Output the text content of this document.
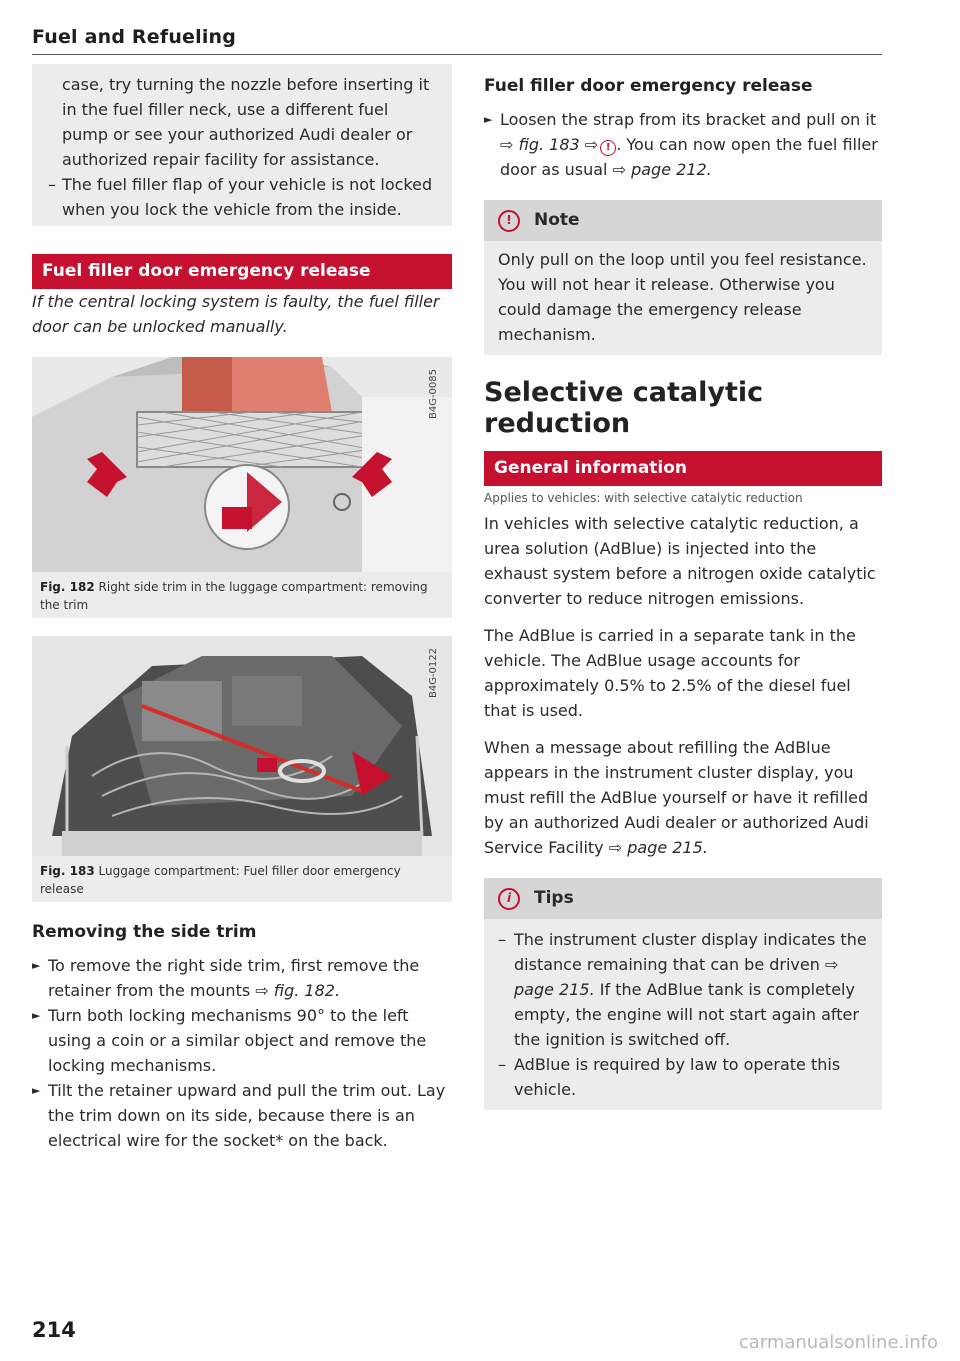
Fuel and Refueling

case, try turning the nozzle before inserting it in the fuel filler neck, use a different fuel pump or see your authorized Audi dealer or authorized repair facility for assistance.

– The fuel filler flap of your vehicle is not locked when you lock the vehicle from the inside.
Fuel filler door emergency release

If the central locking system is faulty, the fuel filler door can be unlocked manually.

B4G-0085
Fig. 182 Right side trim in the luggage compartment: removing the trim
B4G-0122
Fig. 183 Luggage compartment: Fuel filler door emergency release
Removing the side trim
► To remove the right side trim, first remove the retainer from the mounts ⇨ fig. 182.
► Turn both locking mechanisms 90° to the left using a coin or a similar object and remove the locking mechanisms.
► Tilt the retainer upward and pull the trim out. Lay the trim down on its side, because there is an electrical wire for the socket* on the back.
Fuel filler door emergency release
► Loosen the strap from its bracket and pull on it ⇨ fig. 183 ⇨ ! . You can now open the fuel filler door as usual ⇨ page 212.
!	Note
Only pull on the loop until you feel resistance. You will not hear it release. Otherwise you could damage the emergency release mechanism.
Selective catalytic reduction
General information

Applies to vehicles: with selective catalytic reduction

In vehicles with selective catalytic reduction, a urea solution (AdBlue) is injected into the exhaust system before a nitrogen oxide catalytic converter to reduce nitrogen emissions.

The AdBlue is carried in a separate tank in the vehicle. The AdBlue usage accounts for approximately 0.5% to 2.5% of the diesel fuel that is used.

When a message about refilling the AdBlue appears in the instrument cluster display, you must refill the AdBlue yourself or have it refilled by an authorized Audi dealer or authorized Audi Service Facility ⇨ page 215.

i	Tips
– The instrument cluster display indicates the distance remaining that can be driven ⇨ page 215. If the AdBlue tank is completely empty, the engine will not start again after the ignition is switched off.
– AdBlue is required by law to operate this vehicle.
214
carmanualsonline.info
